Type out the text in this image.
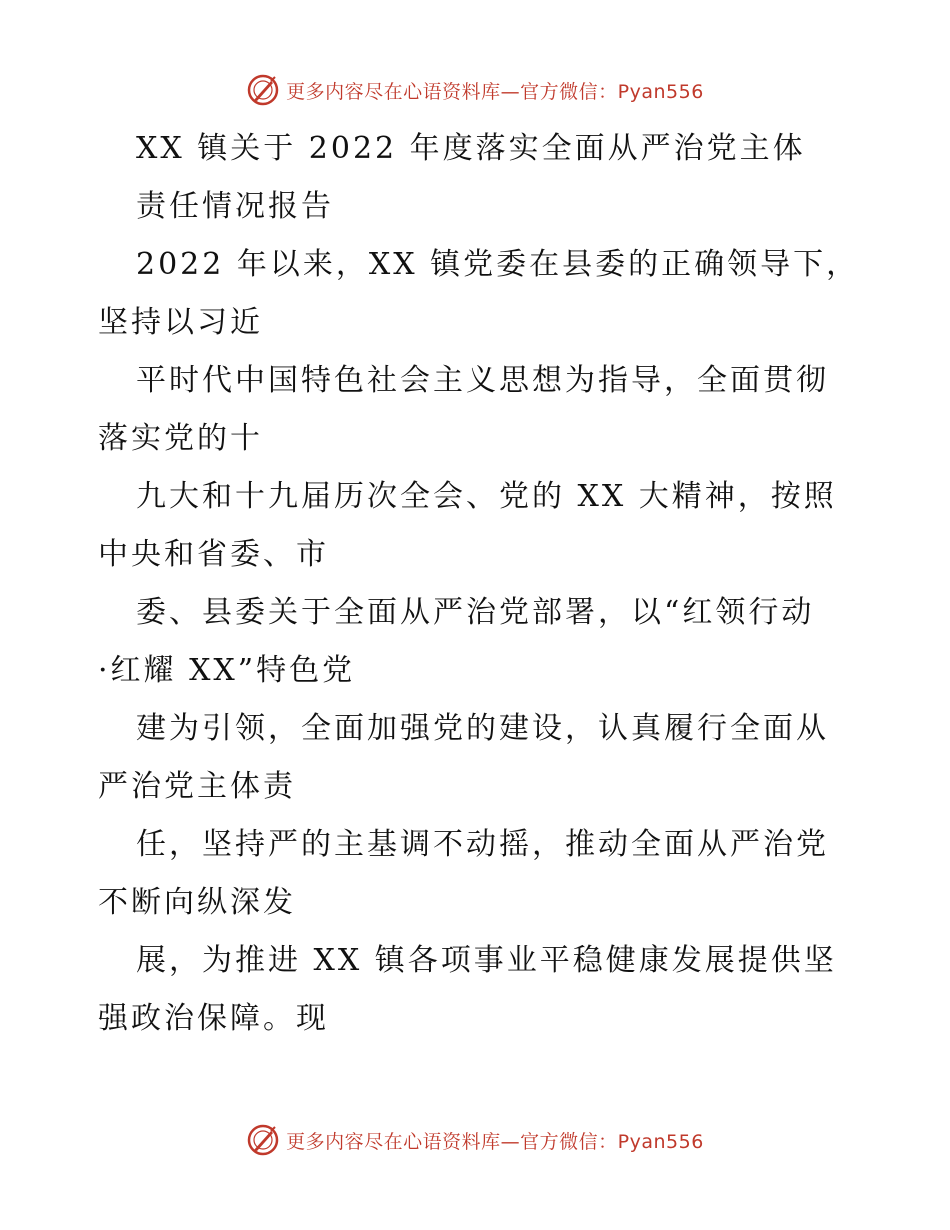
更多内容尽在心语资料库—官方微信：Pyan556

XX 镇关于 2022 年度落实全面从严治党主体

责任情况报告

2022 年以来，XX 镇党委在县委的正确领导下，

坚持以习近

平时代中国特色社会主义思想为指导，全面贯彻

落实党的十

九大和十九届历次全会、党的 XX 大精神，按照

中央和省委、市

委、县委关于全面从严治党部署，以“红领行动

·红耀 XX”特色党

建为引领，全面加强党的建设，认真履行全面从

严治党主体责

任，坚持严的主基调不动摇，推动全面从严治党

不断向纵深发

展，为推进 XX 镇各项事业平稳健康发展提供坚

强政治保障。现

更多内容尽在心语资料库—官方微信：Pyan556
